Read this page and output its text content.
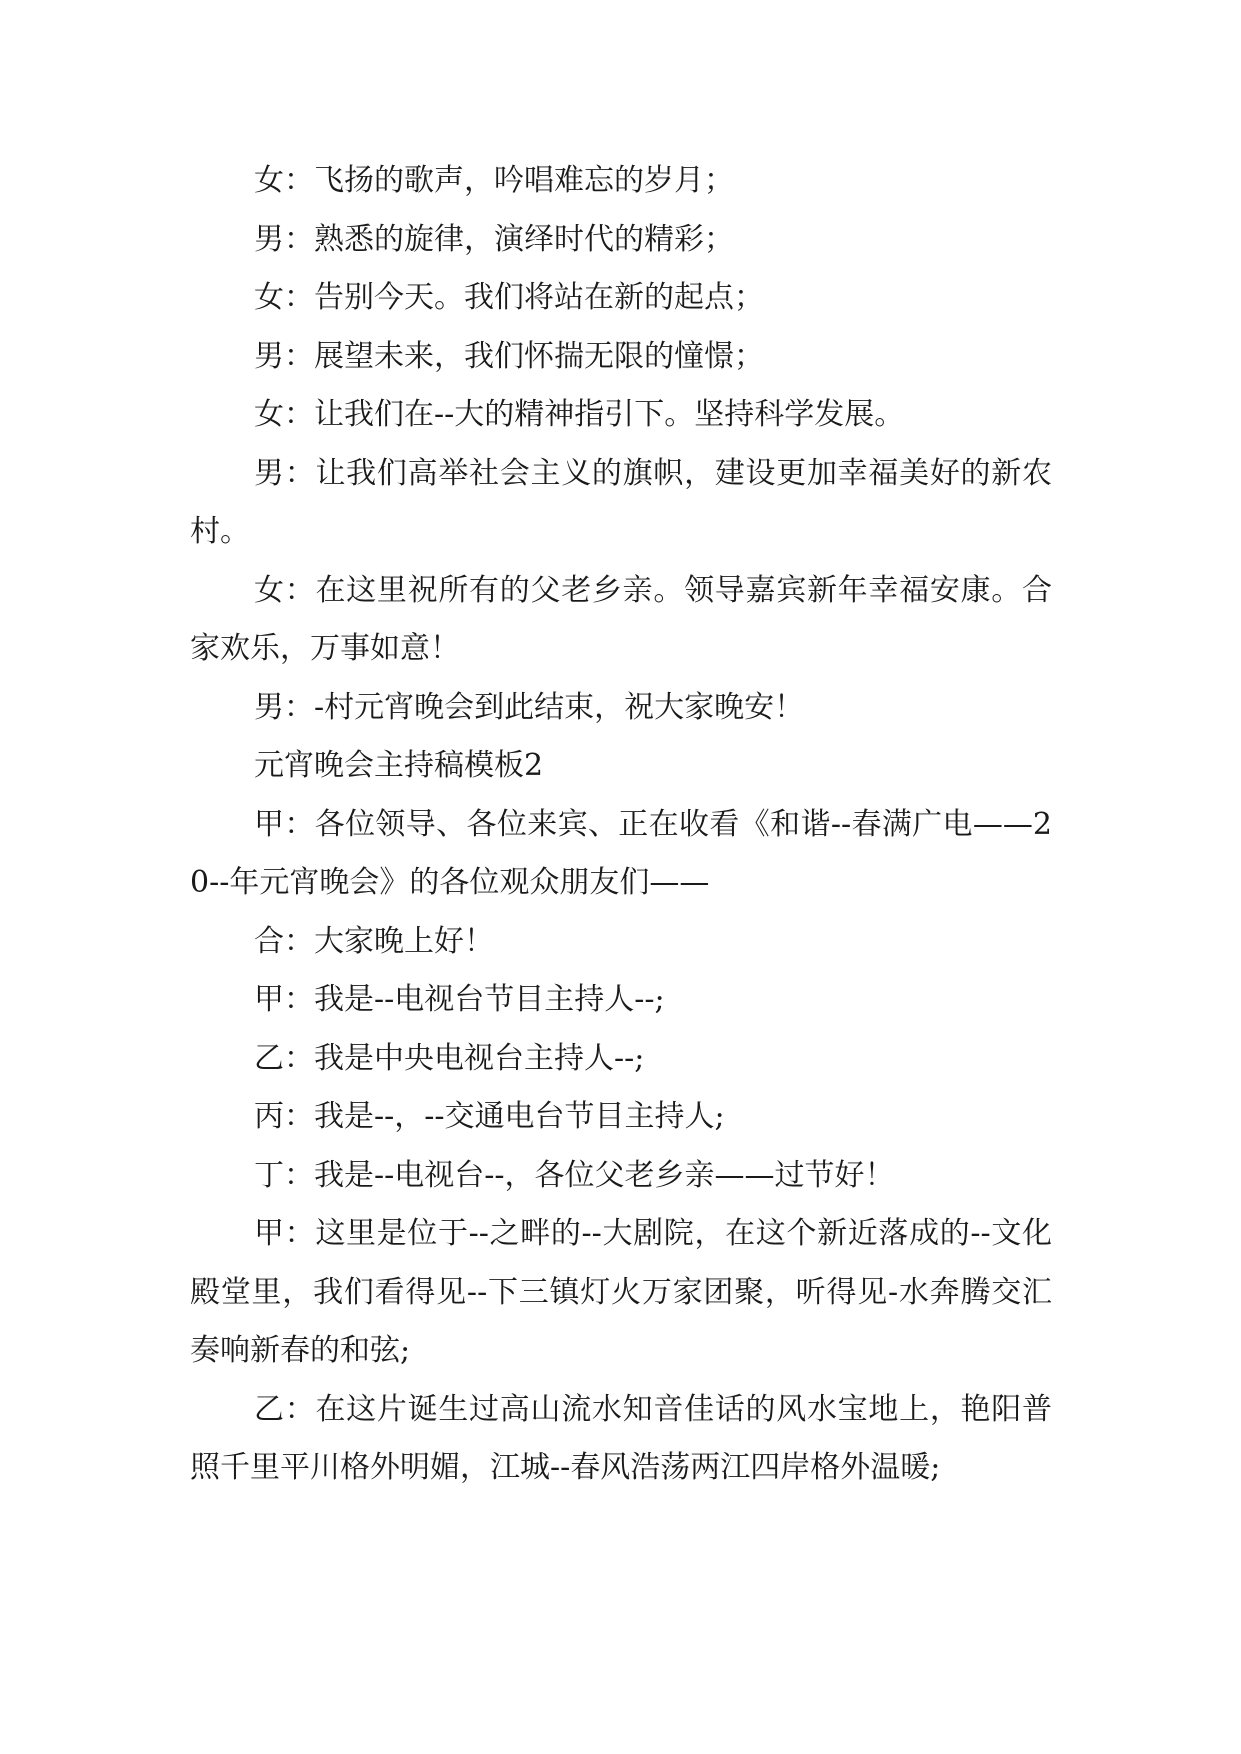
女：飞扬的歌声，吟唱难忘的岁月；

男：熟悉的旋律，演绎时代的精彩；

女：告别今天。我们将站在新的起点；

男：展望未来，我们怀揣无限的憧憬；

女：让我们在--大的精神指引下。坚持科学发展。

男：让我们高举社会主义的旗帜，建设更加幸福美好的新农村。

女：在这里祝所有的父老乡亲。领导嘉宾新年幸福安康。合家欢乐，万事如意！

男：-村元宵晚会到此结束，祝大家晚安！

元宵晚会主持稿模板2

甲：各位领导、各位来宾、正在收看《和谐--春满广电——20--年元宵晚会》的各位观众朋友们——

合：大家晚上好！

甲：我是--电视台节目主持人--;

乙：我是中央电视台主持人--;

丙：我是--，--交通电台节目主持人;

丁：我是--电视台--，各位父老乡亲——过节好！

甲：这里是位于--之畔的--大剧院，在这个新近落成的--文化殿堂里，我们看得见--下三镇灯火万家团聚，听得见-水奔腾交汇奏响新春的和弦;

乙：在这片诞生过高山流水知音佳话的风水宝地上，艳阳普照千里平川格外明媚，江城--春风浩荡两江四岸格外温暖;
